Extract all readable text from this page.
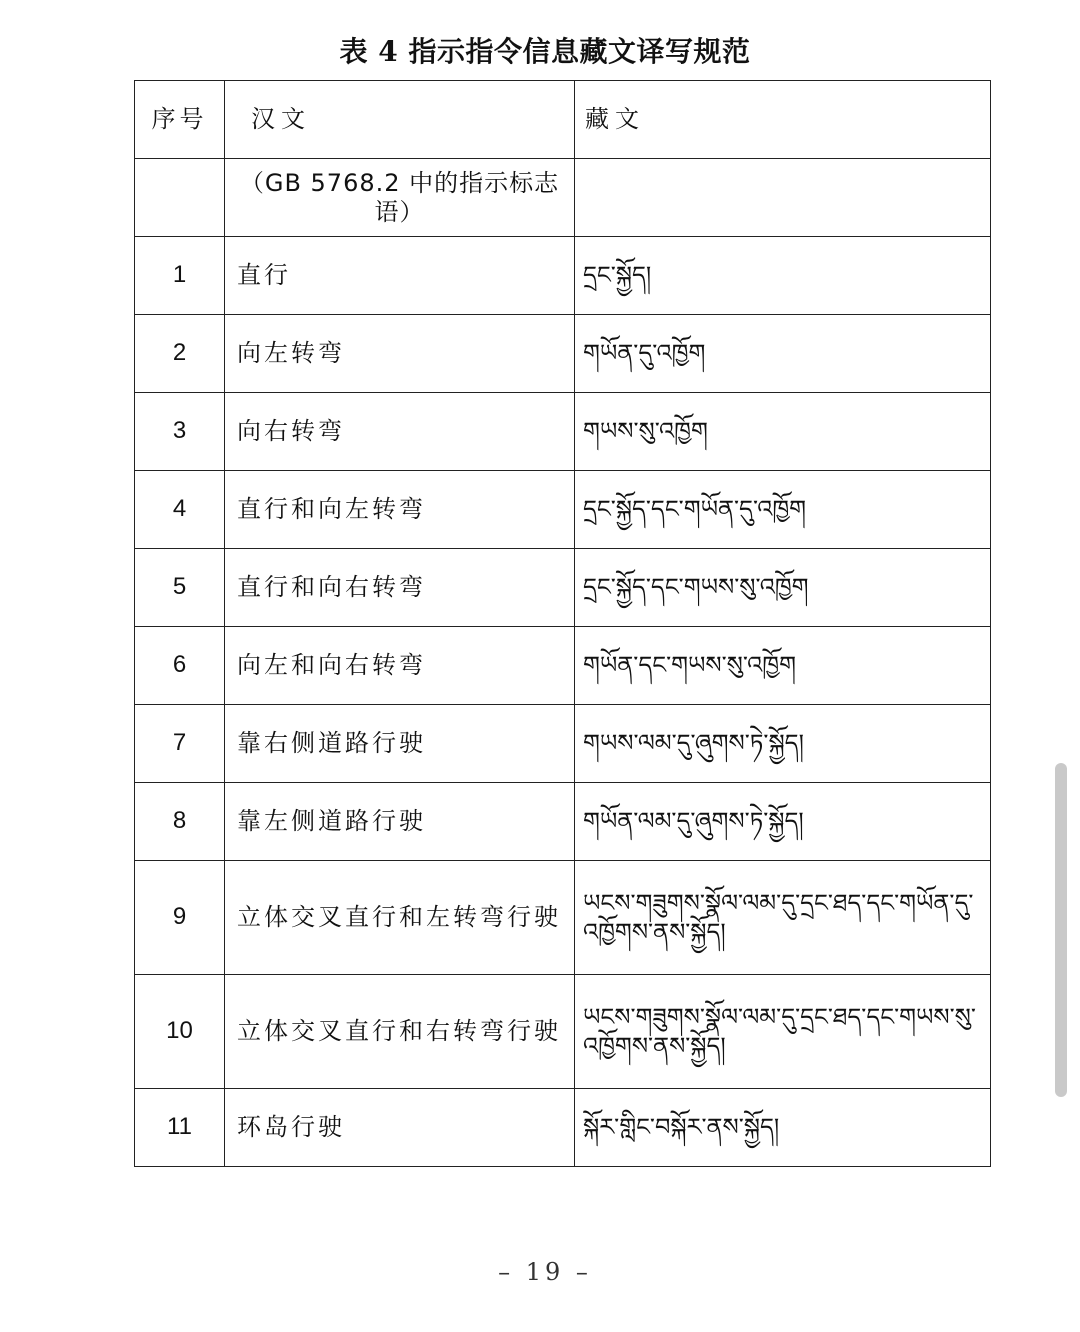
表 4 指示指令信息藏文译写规范
序号	汉文	藏文
	（GB 5768.2 中的指示标志语）	
1	直行	དྲང་སྐྱོད།
2	向左转弯	གཡོན་དུ་འཁྱོག
3	向右转弯	གཡས་སུ་འཁྱོག
4	直行和向左转弯	དྲང་སྐྱོད་དང་གཡོན་དུ་འཁྱོག
5	直行和向右转弯	དྲང་སྐྱོད་དང་གཡས་སུ་འཁྱོག
6	向左和向右转弯	གཡོན་དང་གཡས་སུ་འཁྱོག
7	靠右侧道路行驶	གཡས་ལམ་དུ་ཞུགས་ཏེ་སྐྱོད།
8	靠左侧道路行驶	གཡོན་ལམ་དུ་ཞུགས་ཏེ་སྐྱོད།
9	立体交叉直行和左转弯行驶	ཡངས་གཟུགས་སྣོལ་ལམ་དུ་དྲང་ཐད་དང་གཡོན་དུ་འཁྱོགས་ནས་སྐྱོད།
10	立体交叉直行和右转弯行驶	ཡངས་གཟུགས་སྣོལ་ལམ་དུ་དྲང་ཐད་དང་གཡས་སུ་འཁྱོགས་ནས་སྐྱོད།
11	环岛行驶	སྐོར་གླིང་བསྐོར་ནས་སྐྱོད།
– 19 –
